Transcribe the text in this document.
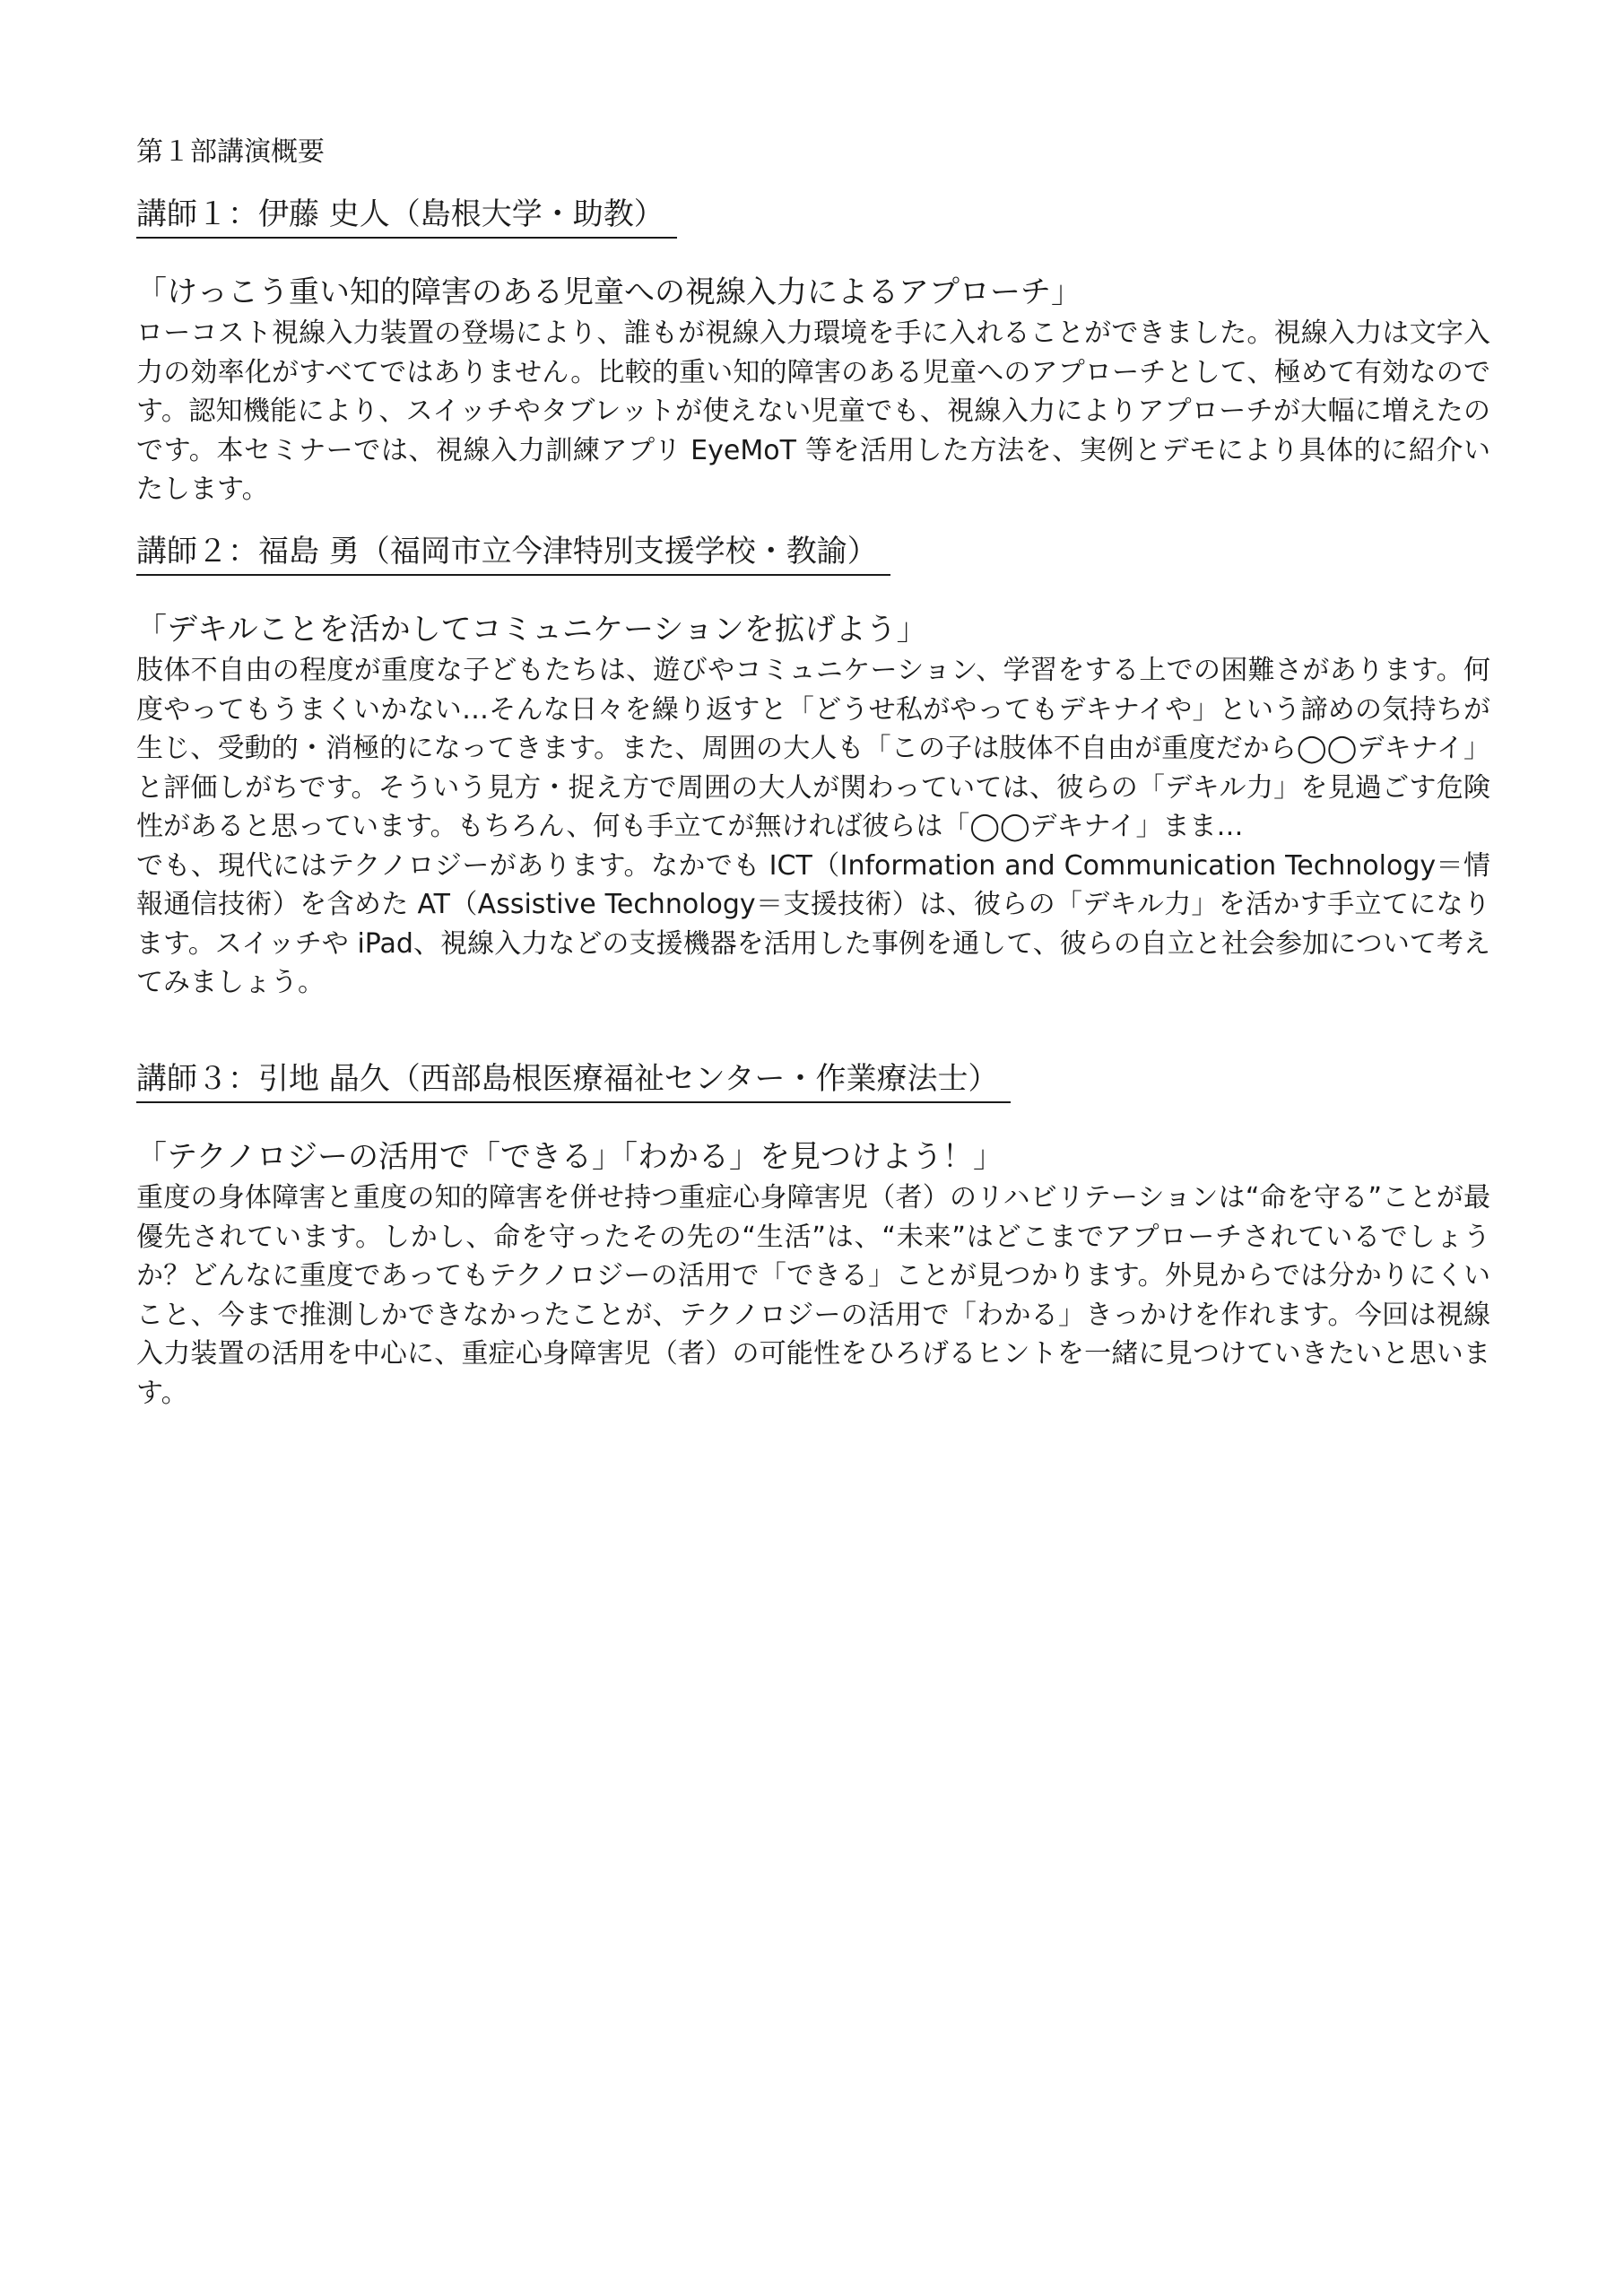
第１部講演概要
講師１：伊藤 史人（島根大学・助教）

「けっこう重い知的障害のある児童への視線入力によるアプローチ」

ローコスト視線入力装置の登場により、誰もが視線入力環境を手に入れることができました。視線入力は文字入力の効率化がすべてではありません。比較的重い知的障害のある児童へのアプローチとして、極めて有効なのです。認知機能により、スイッチやタブレットが使えない児童でも、視線入力によりアプローチが大幅に増えたのです。本セミナーでは、視線入力訓練アプリ EyeMoT 等を活用した方法を、実例とデモにより具体的に紹介いたします。

講師２：福島 勇（福岡市立今津特別支援学校・教諭）

「デキルことを活かしてコミュニケーションを拡げよう」

肢体不自由の程度が重度な子どもたちは、遊びやコミュニケーション、学習をする上での困難さがあります。何度やってもうまくいかない…そんな日々を繰り返すと「どうせ私がやってもデキナイや」という諦めの気持ちが生じ、受動的・消極的になってきます。また、周囲の大人も「この子は肢体不自由が重度だから◯◯デキナイ」と評価しがちです。そういう見方・捉え方で周囲の大人が関わっていては、彼らの「デキル力」を見過ごす危険性があると思っています。もちろん、何も手立てが無ければ彼らは「◯◯デキナイ」まま…
でも、現代にはテクノロジーがあります。なかでも ICT（Information and Communication Technology＝情報通信技術）を含めた AT（Assistive Technology＝支援技術）は、彼らの「デキル力」を活かす手立てになります。スイッチや iPad、視線入力などの支援機器を活用した事例を通して、彼らの自立と社会参加について考えてみましょう。

講師３：引地 晶久（西部島根医療福祉センター・作業療法士）

「テクノロジーの活用で「できる」「わかる」を見つけよう！」

重度の身体障害と重度の知的障害を併せ持つ重症心身障害児（者）のリハビリテーションは“命を守る”ことが最優先されています。しかし、命を守ったその先の“生活”は、“未来”はどこまでアプローチされているでしょうか？どんなに重度であってもテクノロジーの活用で「できる」ことが見つかります。外見からでは分かりにくいこと、今まで推測しかできなかったことが、テクノロジーの活用で「わかる」きっかけを作れます。今回は視線入力装置の活用を中心に、重症心身障害児（者）の可能性をひろげるヒントを一緒に見つけていきたいと思います。
